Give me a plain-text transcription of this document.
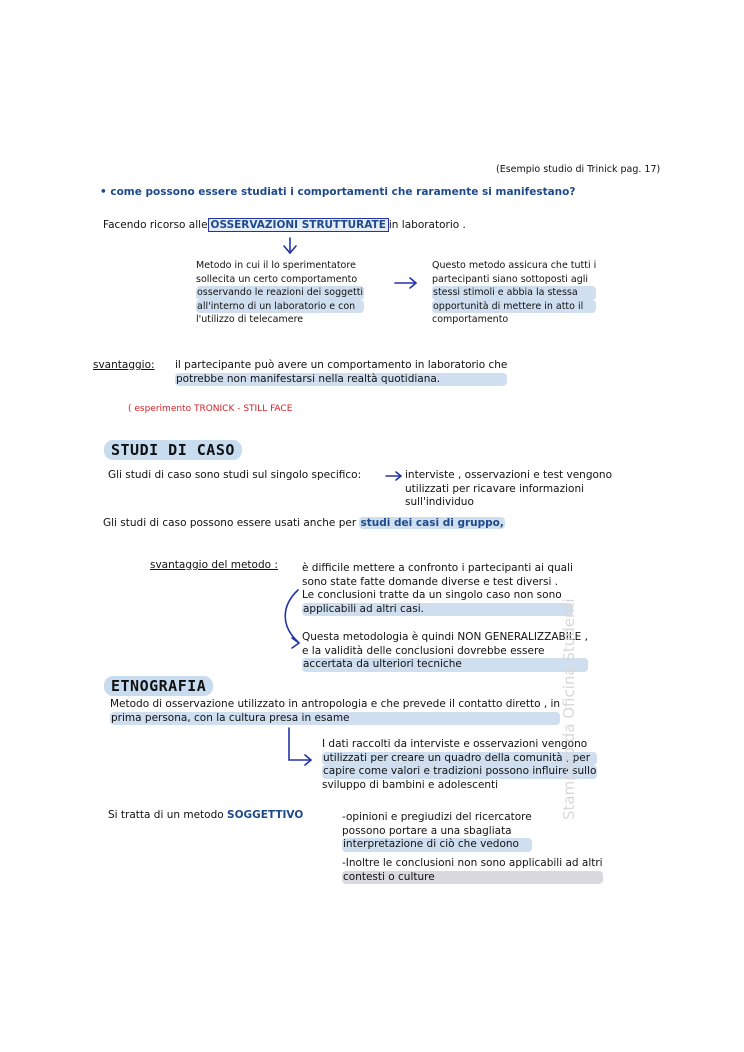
(Esempio studio di Trinick pag. 17)
• come possono essere studiati i comportamenti che raramente si manifestano?
Facendo ricorso alle OSSERVAZIONI STRUTTURATE in laboratorio .
Metodo in cui il lo sperimentatore
sollecita un certo comportamento
osservando le reazioni dei soggetti
all'interno di un laboratorio e con
l'utilizzo di telecamere
Questo metodo assicura che tutti i
partecipanti siano sottoposti agli
stessi stimoli e abbia la stessa
opportunità di mettere in atto il
comportamento
svantaggio: il partecipante può avere un comportamento in laboratorio che
potrebbe non manifestarsi nella realtà quotidiana.
( esperimento TRONICK - STILL FACE
STUDI DI CASO
Gli studi di caso sono studi sul singolo specifico:	interviste , osservazioni e test vengono
utilizzati per ricavare informazioni
sull'individuo
Gli studi di caso possono essere usati anche per studi dei casi di gruppo,
svantaggio del metodo : è difficile mettere a confronto i partecipanti ai quali
sono state fatte domande diverse e test diversi .
Le conclusioni tratte da un singolo caso non sono
applicabili ad altri casi.
Questa metodologia è quindi NON GENERALIZZABILE ,
e la validità delle conclusioni dovrebbe essere
accertata da ulteriori tecniche
ETNOGRAFIA
Metodo di osservazione utilizzato in antropologia e che prevede il contatto diretto , in
prima persona, con la cultura presa in esame
I dati raccolti da interviste e osservazioni vengono
utilizzati per creare un quadro della comunità , per
capire come valori e tradizioni possono influire sullo
sviluppo di bambini e adolescenti
Si tratta di un metodo SOGGETTIVO	-opinioni e pregiudizi del ricercatore
possono portare a una sbagliata
interpretazione di ciò che vedono
-Inoltre le conclusioni non sono applicabili ad altri
contesti o culture
Stampato da Oficina Studenti
